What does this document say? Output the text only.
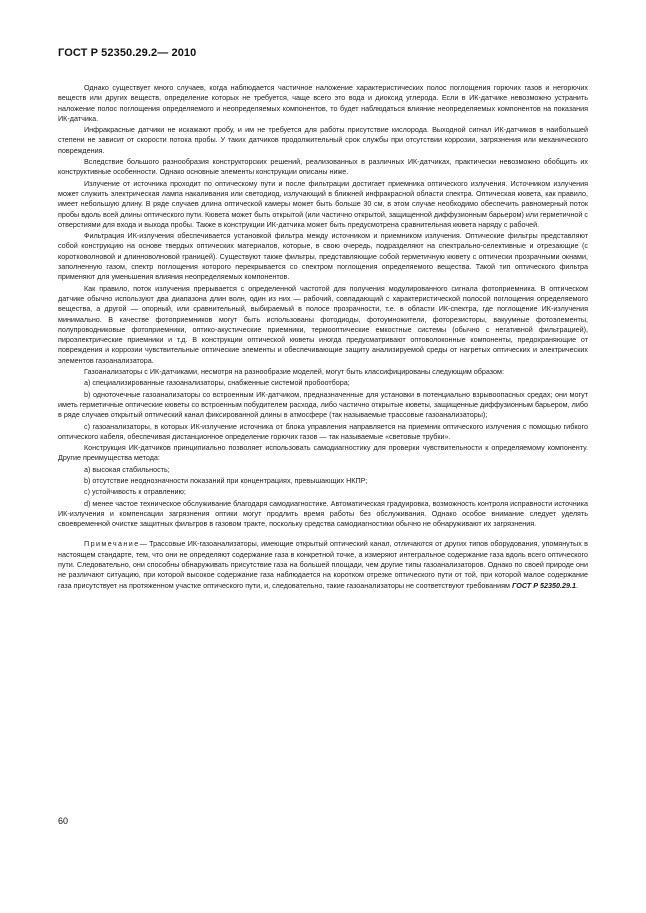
ГОСТ Р 52350.29.2— 2010

Однако существует много случаев, когда наблюдается частичное наложение характеристических полос поглощения горючих газов и негорючих веществ или других веществ, определение которых не требуется, чаще всего это вода и диоксид углерода. Если в ИК-датчике невозможно устранить наложение полос поглощения определяемого и неопределяемых компонентов, то будет наблюдаться влияние неопределяемых компонентов на показания ИК-датчика.

Инфракрасные датчики не искажают пробу, и им не требуется для работы присутствие кислорода. Выходной сигнал ИК-датчиков в наибольшей степени не зависит от скорости потока пробы. У таких датчиков продолжительный срок службы при отсутствии коррозии, загрязнения или механического повреждения.

Вследствие большого разнообразия конструкторских решений, реализованных в различных ИК-датчиках, практически невозможно обобщить их конструктивные особенности. Однако основные элементы конструкции описаны ниже.

Излучение от источника проходит по оптическому пути и после фильтрации достигает приемника оптического излучения. Источником излучения может служить электрическая лампа накаливания или светодиод, излучающий в ближней инфракрасной области спектра. Оптическая кювета, как правило, имеет небольшую длину. В ряде случаев длина оптической камеры может быть больше 30 см, в этом случае необходимо обеспечить равномерный поток пробы вдоль всей длины оптического пути. Кювета может быть открытой (или частично открытой, защищенной диффузионным барьером) или герметичной с отверстиями для входа и выхода пробы. Также в конструкции ИК-датчика может быть предусмотрена сравнительная кювета наряду с рабочей.

Фильтрация ИК-излучения обеспечивается установкой фильтра между источником и приемником излучения. Оптические фильтры представляют собой конструкцию на основе твердых оптических материалов, которые, в свою очередь, подразделяют на спектрально-селективные и отрезающие (с коротковолновой и длинноволновой границей). Существуют также фильтры, представляющие собой герметичную кювету с оптически прозрачными окнами, заполненную газом, спектр поглощения которого перекрывается со спектром поглощения определяемого вещества. Такой тип оптического фильтра применяют для уменьшения влияния неопределяемых компонентов.

Как правило, поток излучения прерывается с определенной частотой для получения модулированного сигнала фотоприемника. В оптическом датчике обычно используют два диапазона длин волн, один из них — рабочий, совпадающий с характеристической полосой поглощения определяемого вещества, а другой — опорный, или сравнительный, выбираемый в полосе прозрачности, т.е. в области ИК-спектра, где поглощение ИК-излучения минимально. В качестве фотоприемников могут быть использованы фотодиоды, фотоумножители, фоторезисторы, вакуумные фотоэлементы, полупроводниковые фотоприемники, оптико-акустические приемники, термооптические емкостные системы (обычно с негативной фильтрацией), пироэлектрические приемники и т.д. В конструкции оптической кюветы иногда предусматривают оптоволоконные компоненты, предохраняющие от повреждения и коррозии чувствительные оптические элементы и обеспечивающие защиту анализируемой среды от нагретых оптических и электрических элементов газоанализатора.

Газоанализаторы с ИК-датчиками, несмотря на разнообразие моделей, могут быть классифицированы следующим образом:

а) специализированные газоанализаторы, снабженные системой пробоотбора;

b) одноточечные газоанализаторы со встроенным ИК-датчиком, предназначенные для установки в потенциально взрывоопасных средах; они могут иметь герметичные оптические кюветы со встроенным побудителем расхода, либо частично открытые кюветы, защищенные диффузионным барьером, либо в ряде случаев открытый оптический канал фиксированной длины в атмосфере (так называемые трассовые газоанализаторы);

с) газоанализаторы, в которых ИК-излучение источника от блока управления направляется на приемник оптического излучения с помощью гибкого оптического кабеля, обеспечивая дистанционное определение горючих газов — так называемые «световые трубки».

Конструкция ИК-датчиков принципиально позволяет использовать самодиагностику для проверки чувствительности к определяемому компоненту. Другие преимущества метода:

а) высокая стабильность;

b) отсутствие неоднозначности показаний при концентрациях, превышающих НКПР;

с) устойчивость к отравлению;

d) менее частое техническое обслуживание благодаря самодиагностике. Автоматическая градуировка, возможность контроля исправности источника ИК-излучения и компенсации загрязнения оптики могут продлить время работы без обслуживания. Однако особое внимание следует уделять своевременной очистке защитных фильтров в газовом тракте, поскольку средства самодиагностики обычно не обнаруживают их загрязнения.

Примечание— Трассовые ИК-газоанализаторы, имеющие открытый оптический канал, отличаются от других типов оборудования, упомянутых в настоящем стандарте, тем, что они не определяют содержание газа в конкретной точке, а измеряют интегральное содержание газа вдоль всего оптического пути. Следовательно, они способны обнаруживать присутствие газа на большей площади, чем другие типы газоанализаторов. Однако по своей природе они не различают ситуацию, при которой высокое содержание газа наблюдается на коротком отрезке оптического пути от той, при которой малое содержание газа присутствует на протяженном участке оптического пути, и, следовательно, такие газоанализаторы не соответствуют требованиям ГОСТ Р 52350.29.1.

60
